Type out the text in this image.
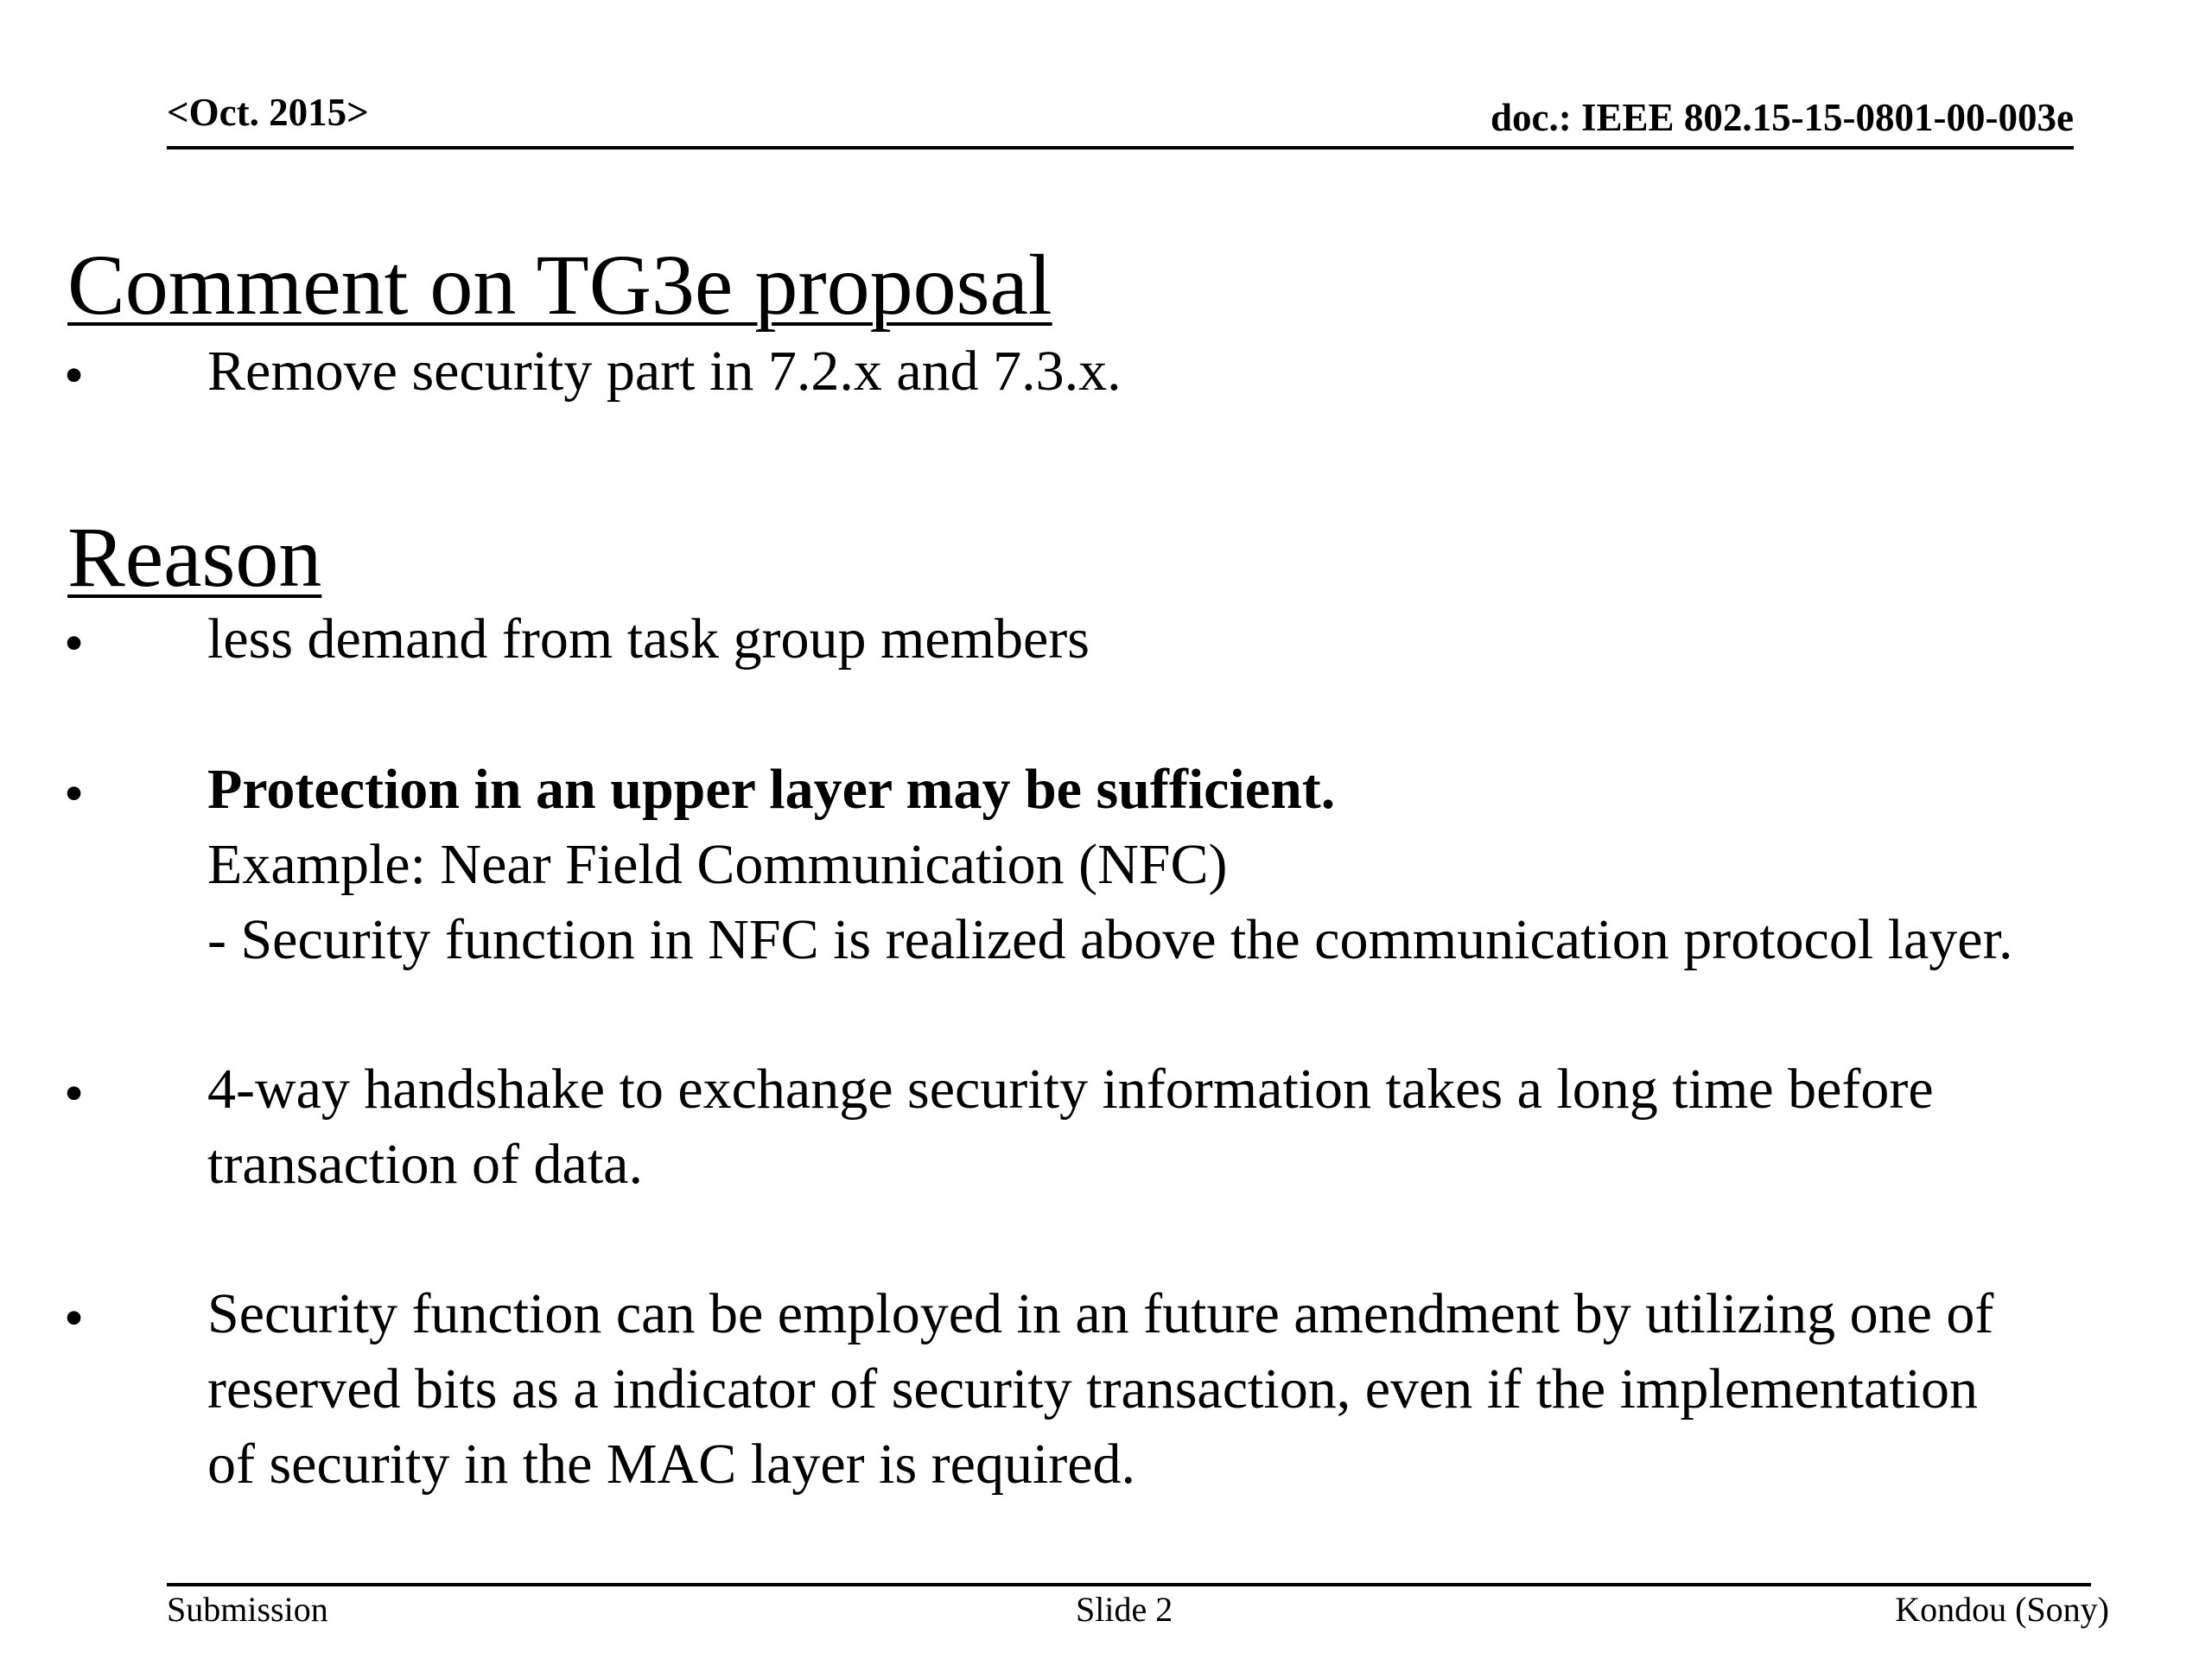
<Oct. 2015>	doc.: IEEE 802.15-15-0801-00-003e
Comment on TG3e proposal
• Remove security part in 7.2.x and 7.3.x.
Reason
• less demand from task group members
• Protection in an upper layer may be sufficient.
Example: Near Field Communication (NFC)
- Security function in NFC is realized above the communication protocol layer.
• 4-way handshake to exchange security information takes a long time before
transaction of data.
• Security function can be employed in an future amendment by utilizing one of
reserved bits as a indicator of security transaction, even if the implementation
of security in the MAC layer is required.
Submission	Slide 2	Kondou (Sony)
